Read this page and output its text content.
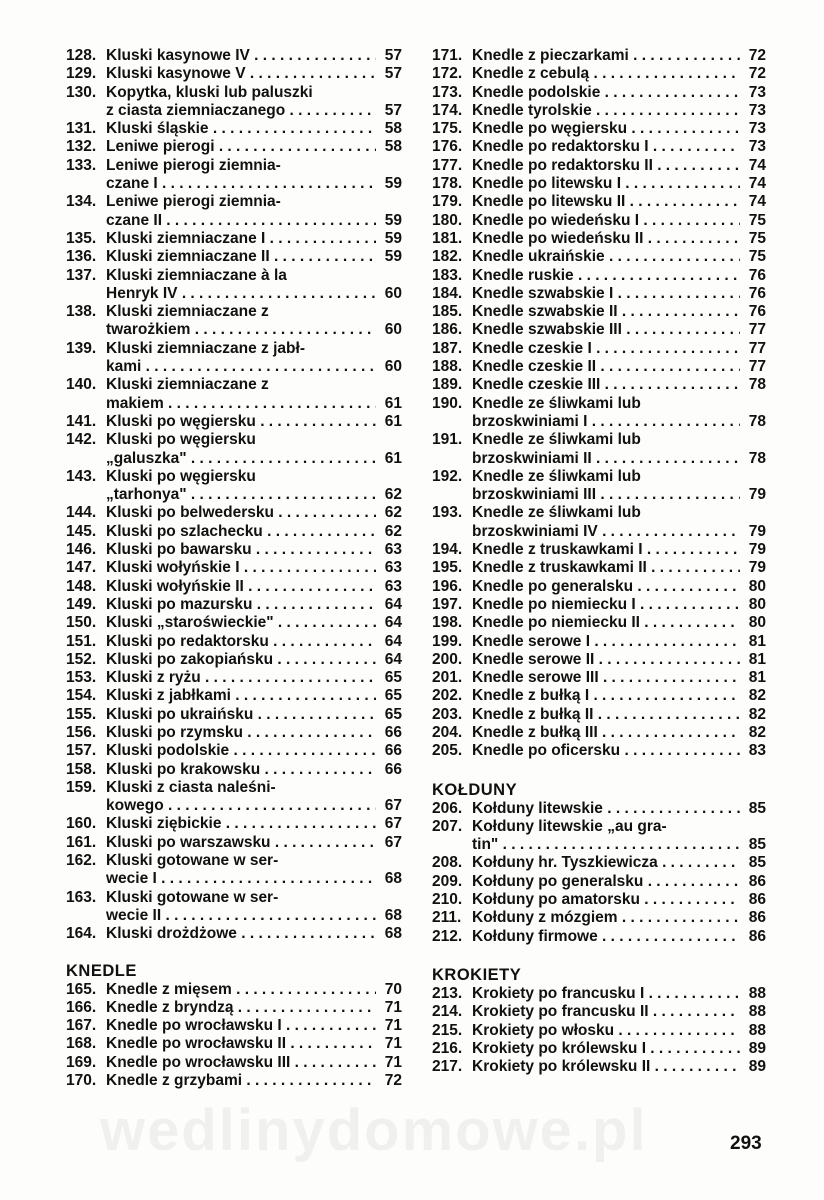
wedlinydomowe.pl
128. Kluski kasynowe IV . . .	57
129. Kluski kasynowe V . . .	57
130. Kopytka, kluski lub paluszki
z ciasta ziemniaczanego . . .	57
131. Kluski śląskie . . .	58
132. Leniwe pierogi . . .	58
133. Leniwe pierogi ziemnia-
czane I . . .	59
134. Leniwe pierogi ziemnia-
czane II . . .	59
135. Kluski ziemniaczane I . . .	59
136. Kluski ziemniaczane II . . .	59
137. Kluski ziemniaczane à la
Henryk IV . . .	60
138. Kluski ziemniaczane z
twarożkiem . . .	60
139. Kluski ziemniaczane z jabł-
kami . . .	60
140. Kluski ziemniaczane z
makiem . . .	61
141. Kluski po węgiersku . . .	61
142. Kluski po węgiersku
„galuszka" . . .	61
143. Kluski po węgiersku
„tarhonya" . . .	62
144. Kluski po belwedersku . . .	62
145. Kluski po szlachecku . . .	62
146. Kluski po bawarsku . . .	63
147. Kluski wołyńskie I . . .	63
148. Kluski wołyńskie II . . .	63
149. Kluski po mazursku . . .	64
150. Kluski „staroświeckie" . . .	64
151. Kluski po redaktorsku . . .	64
152. Kluski po zakopiańsku . . .	64
153. Kluski z ryżu . . .	65
154. Kluski z jabłkami . . .	65
155. Kluski po ukraińsku . . .	65
156. Kluski po rzymsku . . .	66
157. Kluski podolskie . . .	66
158. Kluski po krakowsku . . .	66
159. Kluski z ciasta naleśni-
kowego . . .	67
160. Kluski ziębickie . . .	67
161. Kluski po warszawsku . . .	67
162. Kluski gotowane w ser-
wecie I . . .	68
163. Kluski gotowane w ser-
wecie II . . .	68
164. Kluski drożdżowe . . .	68
KNEDLE
165. Knedle z mięsem . . .	70
166. Knedle z bryndzą . . .	71
167. Knedle po wrocławsku I . . .	71
168. Knedle po wrocławsku II . . .	71
169. Knedle po wrocławsku III . . .	71
170. Knedle z grzybami . . .	72
171. Knedle z pieczarkami . . .	72
172. Knedle z cebulą . . .	72
173. Knedle podolskie . . .	73
174. Knedle tyrolskie . . .	73
175. Knedle po węgiersku . . .	73
176. Knedle po redaktorsku I . . .	73
177. Knedle po redaktorsku II . . .	74
178. Knedle po litewsku I . . .	74
179. Knedle po litewsku II . . .	74
180. Knedle po wiedeńsku I . . .	75
181. Knedle po wiedeńsku II . . .	75
182. Knedle ukraińskie . . .	75
183. Knedle ruskie . . .	76
184. Knedle szwabskie I . . .	76
185. Knedle szwabskie II . . .	76
186. Knedle szwabskie III . . .	77
187. Knedle czeskie I . . .	77
188. Knedle czeskie II . . .	77
189. Knedle czeskie III . . .	78
190. Knedle ze śliwkami lub
brzoskwiniami I . . .	78
191. Knedle ze śliwkami lub
brzoskwiniami II . . .	78
192. Knedle ze śliwkami lub
brzoskwiniami III . . .	79
193. Knedle ze śliwkami lub
brzoskwiniami IV . . .	79
194. Knedle z truskawkami I . . .	79
195. Knedle z truskawkami II . . .	79
196. Knedle po generalsku . . .	80
197. Knedle po niemiecku I . . .	80
198. Knedle po niemiecku II . . .	80
199. Knedle serowe I . . .	81
200. Knedle serowe II . . .	81
201. Knedle serowe III . . .	81
202. Knedle z bułką I . . .	82
203. Knedle z bułką II . . .	82
204. Knedle z bułką III . . .	82
205. Knedle po oficersku . . .	83
KOŁDUNY
206. Kołduny litewskie . . .	85
207. Kołduny litewskie „au gra-
tin" . . .	85
208. Kołduny hr. Tyszkiewicza . . .	85
209. Kołduny po generalsku . . .	86
210. Kołduny po amatorsku . . .	86
211. Kołduny z mózgiem . . .	86
212. Kołduny firmowe . . .	86
KROKIETY
213. Krokiety po francusku I . . .	88
214. Krokiety po francusku II . . .	88
215. Krokiety po włosku . . .	88
216. Krokiety po królewsku I . . .	89
217. Krokiety po królewsku II . . .	89
293
